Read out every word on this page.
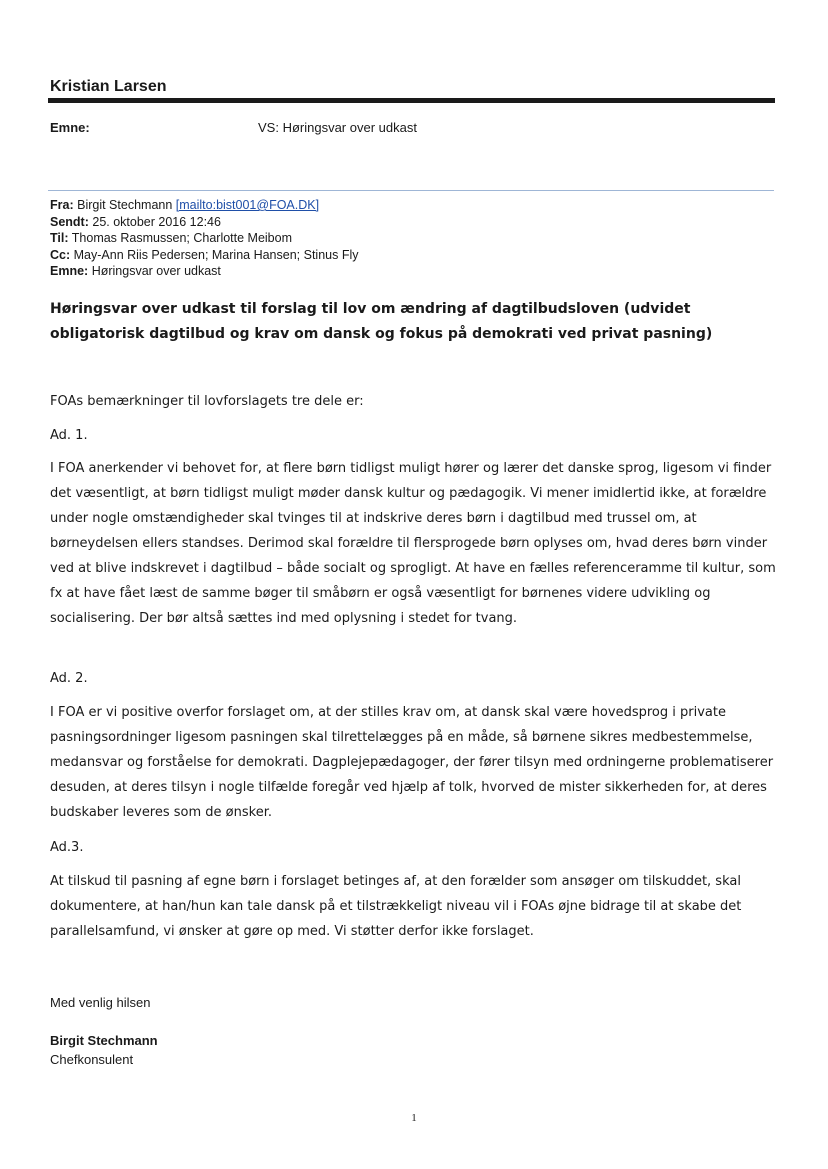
Kristian Larsen
Emne:	VS: Høringsvar over udkast
Fra: Birgit Stechmann [mailto:bist001@FOA.DK]
Sendt: 25. oktober 2016 12:46
Til: Thomas Rasmussen; Charlotte Meibom
Cc: May-Ann Riis Pedersen; Marina Hansen; Stinus Fly
Emne: Høringsvar over udkast
Høringsvar over udkast til forslag til lov om ændring af dagtilbudsloven (udvidet obligatorisk dagtilbud og krav om dansk og fokus på demokrati ved privat pasning)
FOAs bemærkninger til lovforslagets tre dele er:
Ad. 1.
I FOA anerkender vi behovet for, at flere børn tidligst muligt hører og lærer det danske sprog, ligesom vi finder det væsentligt, at børn tidligst muligt møder dansk kultur og pædagogik. Vi mener imidlertid ikke, at forældre under nogle omstændigheder skal tvinges til at indskrive deres børn i dagtilbud med trussel om, at børneydelsen ellers standses. Derimod skal forældre til flersprogede børn oplyses om, hvad deres børn vinder ved at blive indskrevet i dagtilbud – både socialt og sprogligt. At have en fælles referenceramme til kultur, som fx at have fået læst de samme bøger til småbørn er også væsentligt for børnenes videre udvikling og socialisering. Der bør altså sættes ind med oplysning i stedet for tvang.
Ad. 2.
I FOA er vi positive overfor forslaget om, at der stilles krav om, at dansk skal være hovedsprog i private pasningsordninger ligesom pasningen skal tilrettelægges på en måde, så børnene sikres medbestemmelse, medansvar og forståelse for demokrati. Dagplejepædagoger, der fører tilsyn med ordningerne problematiserer desuden, at deres tilsyn i nogle tilfælde foregår ved hjælp af tolk, hvorved de mister sikkerheden for, at deres budskaber leveres som de ønsker.
Ad.3.
At tilskud til pasning af egne børn i forslaget betinges af, at den forælder som ansøger om tilskuddet, skal dokumentere, at han/hun kan tale dansk på et tilstrækkeligt niveau vil i FOAs øjne bidrage til at skabe det parallelsamfund, vi ønsker at gøre op med. Vi støtter derfor ikke forslaget.
Med venlig hilsen
Birgit Stechmann
Chefkonsulent
1
